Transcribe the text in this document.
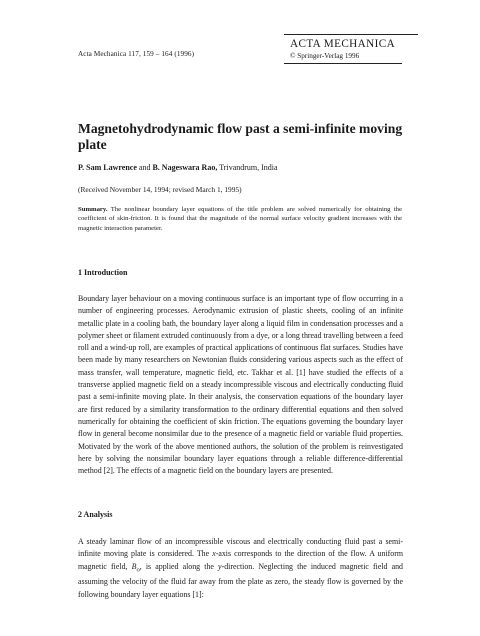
Acta Mechanica 117, 159 – 164 (1996)
ACTA MECHANICA
© Springer-Verlag 1996
Magnetohydrodynamic flow past a semi-infinite moving plate
P. Sam Lawrence and B. Nageswara Rao, Trivandrum, India
(Received November 14, 1994; revised March 1, 1995)

Summary. The nonlinear boundary layer equations of the title problem are solved numerically for obtaining the coefficient of skin-friction. It is found that the magnitude of the normal surface velocity gradient increases with the magnetic interaction parameter.

1 Introduction

Boundary layer behaviour on a moving continuous surface is an important type of flow occurring in a number of engineering processes. Aerodynamic extrusion of plastic sheets, cooling of an infinite metallic plate in a cooling bath, the boundary layer along a liquid film in condensation processes and a polymer sheet or filament extruded continuously from a dye, or a long thread travelling between a feed roll and a wind-up roll, are examples of practical applications of continuous flat surfaces. Studies have been made by many researchers on Newtonian fluids considering various aspects such as the effect of mass transfer, wall temperature, magnetic field, etc. Takhar et al. [1] have studied the effects of a transverse applied magnetic field on a steady incompressible viscous and electrically conducting fluid past a semi-infinite moving plate. In their analysis, the conservation equations of the boundary layer are first reduced by a similarity transformation to the ordinary differential equations and then solved numerically for obtaining the coefficient of skin friction. The equations governing the boundary layer flow in general become nonsimilar due to the presence of a magnetic field or variable fluid properties. Motivated by the work of the above mentioned authors, the solution of the problem is reinvestigated here by solving the nonsimilar boundary layer equations through a reliable difference-differential method [2]. The effects of a magnetic field on the boundary layers are presented.

2 Analysis

A steady laminar flow of an incompressible viscous and electrically conducting fluid past a semi-infinite moving plate is considered. The x-axis corresponds to the direction of the flow. A uniform magnetic field, $B_o$, is applied along the y-direction. Neglecting the induced magnetic field and assuming the velocity of the fluid far away from the plate as zero, the steady flow is governed by the following boundary layer equations [1]:
